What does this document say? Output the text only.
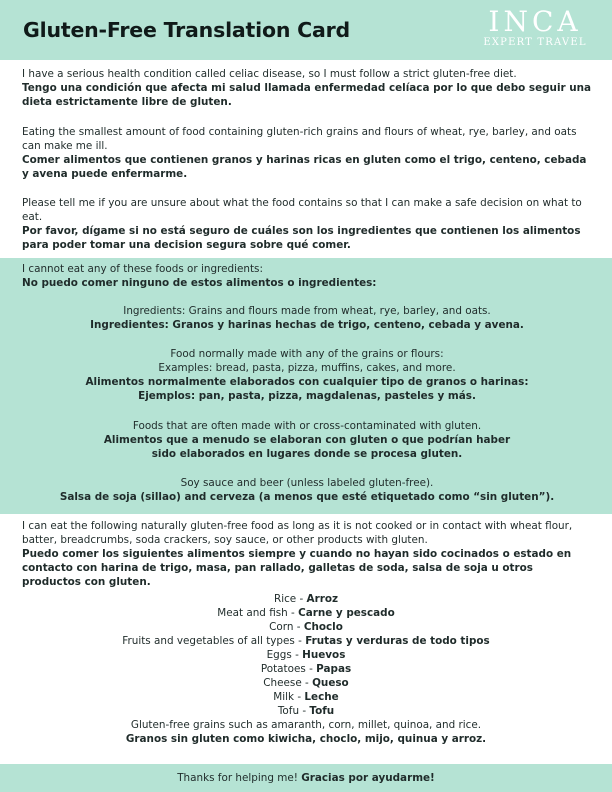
Gluten-Free Translation Card	INCA
EXPERT TRAVEL

I have a serious health condition called celiac disease, so I must follow a strict gluten-free diet.

Tengo una condición que afecta mi salud llamada enfermedad celíaca por lo que debo seguir una dieta estrictamente libre de gluten.

Eating the smallest amount of food containing gluten-rich grains and flours of wheat, rye, barley, and oats can make me ill.

Comer alimentos que contienen granos y harinas ricas en gluten como el trigo, centeno, cebada y avena puede enfermarme.

Please tell me if you are unsure about what the food contains so that I can make a safe decision on what to eat.

Por favor, dígame si no está seguro de cuáles son los ingredientes que contienen los alimentos para poder tomar una decision segura sobre qué comer.

I cannot eat any of these foods or ingredients:

No puedo comer ninguno de estos alimentos o ingredientes:

Ingredients: Grains and flours made from wheat, rye, barley, and oats.

Ingredientes: Granos y harinas hechas de trigo, centeno, cebada y avena.

Food normally made with any of the grains or flours:

Examples: bread, pasta, pizza, muffins, cakes, and more.

Alimentos normalmente elaborados con cualquier tipo de granos o harinas:

Ejemplos: pan, pasta, pizza, magdalenas, pasteles y más.

Foods that are often made with or cross-contaminated with gluten.

Alimentos que a menudo se elaboran con gluten o que podrían haber

sido elaborados en lugares donde se procesa gluten.

Soy sauce and beer (unless labeled gluten-free).

Salsa de soja (sillao) and cerveza (a menos que esté etiquetado como “sin gluten”).

I can eat the following naturally gluten-free food as long as it is not cooked or in contact with wheat flour, batter, breadcrumbs, soda crackers, soy sauce, or other products with gluten.

Puedo comer los siguientes alimentos siempre y cuando no hayan sido cocinados o estado en contacto con harina de trigo, masa, pan rallado, galletas de soda, salsa de soja u otros productos con gluten.

Rice - Arroz
Meat and fish - Carne y pescado
Corn - Choclo
Fruits and vegetables of all types - Frutas y verduras de todo tipos
Eggs - Huevos
Potatoes - Papas
Cheese - Queso
Milk - Leche
Tofu - Tofu
Gluten-free grains such as amaranth, corn, millet, quinoa, and rice.
Granos sin gluten como kiwicha, choclo, mijo, quinua y arroz.
Thanks for helping me! Gracias por ayudarme!
